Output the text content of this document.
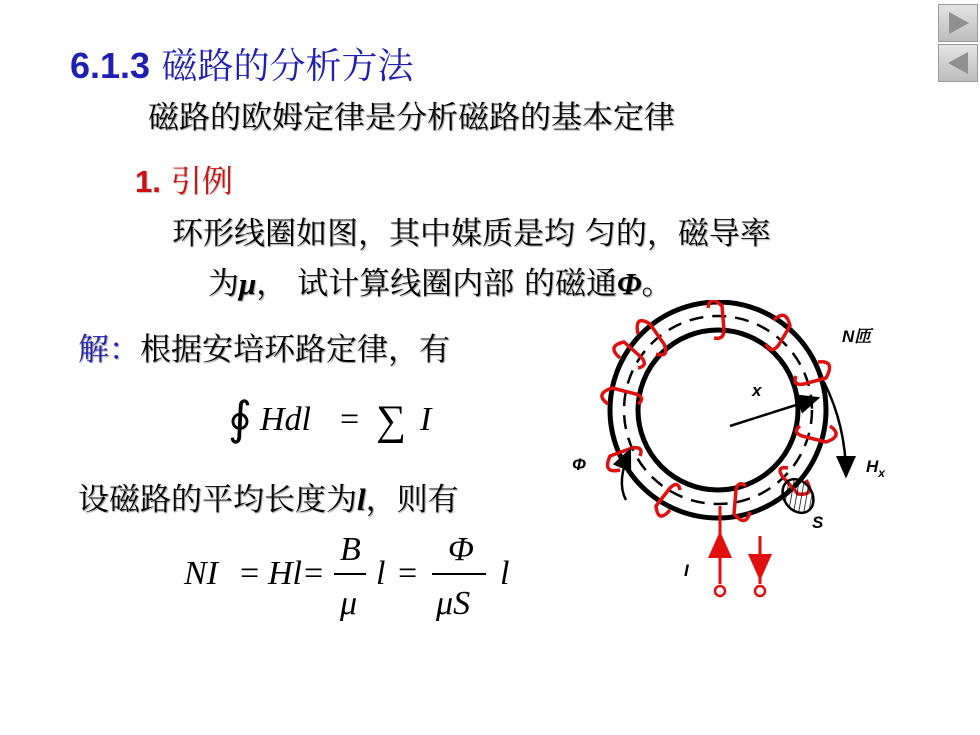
6.1.3 磁路的分析方法
磁路的欧姆定律是分析磁路的基本定律
1. 引例
环形线圈如图，其中媒质是均 匀的，磁导率
为μ， 试计算线圈内部 的磁通Φ。
解：根据安培环路定律，有
∮ Hdl = ∑ I
设磁路的平均长度为l，则有
NI = Hl =
B
μ
l =
Φ
μS
l
N匝
x
Φ	$H_x$
S
I
